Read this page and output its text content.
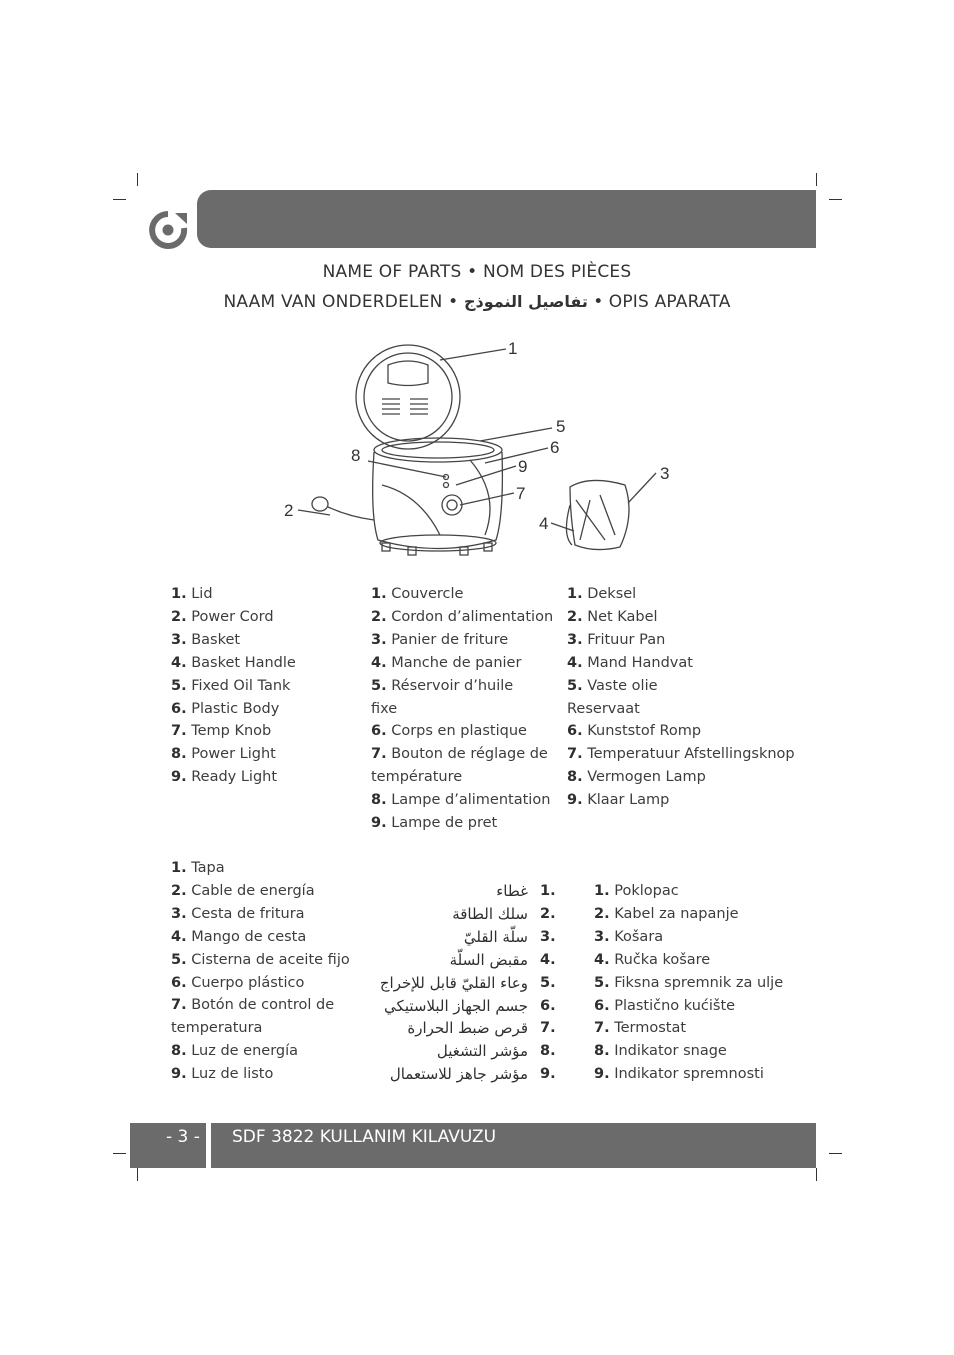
NAME OF PARTS • NOM DES PIÈCES
NAAM VAN ONDERDELEN • تفاصيل النموذج • OPIS APARATA
1
2
3
4
5
6
7
8
9
1. Lid
2. Power Cord
3. Basket
4. Basket Handle
5. Fixed Oil Tank
6. Plastic Body
7. Temp Knob
8. Power Light
9. Ready Light
1. Couvercle
2. Cordon d’alimentation
3. Panier de friture
4. Manche de panier
5. Réservoir d’huile
fixe
6. Corps en plastique
7. Bouton de réglage de
température
8. Lampe d’alimentation
9. Lampe de pret
1. Deksel
2. Net Kabel
3. Frituur Pan
4. Mand Handvat
5. Vaste olie
Reservaat
6. Kunststof Romp
7. Temperatuur Afstellingsknop
8. Vermogen Lamp
9. Klaar Lamp
1. Tapa
2. Cable de energía
3. Cesta de fritura
4. Mango de cesta
5. Cisterna de aceite fijo
6. Cuerpo plástico
7. Botón de control de
temperatura
8. Luz de energía
9. Luz de listo
غطاء
سلك الطاقة
سلّة القليّ
مقبض السلّة
وعاء القليّ قابل للإخراج
جسم الجهاز البلاستيكي
قرص ضبط الحرارة
مؤشر التشغيل
مؤشر جاهز للاستعمال
1.
2.
3.
4.
5.
6.
7.
8.
9.
1. Poklopac
2. Kabel za napanje
3. Košara
4. Ručka košare
5. Fiksna spremnik za ulje
6. Plastično kućište
7. Termostat
8. Indikator snage
9. Indikator spremnosti
- 3 - SDF 3822 KULLANIM KILAVUZU
